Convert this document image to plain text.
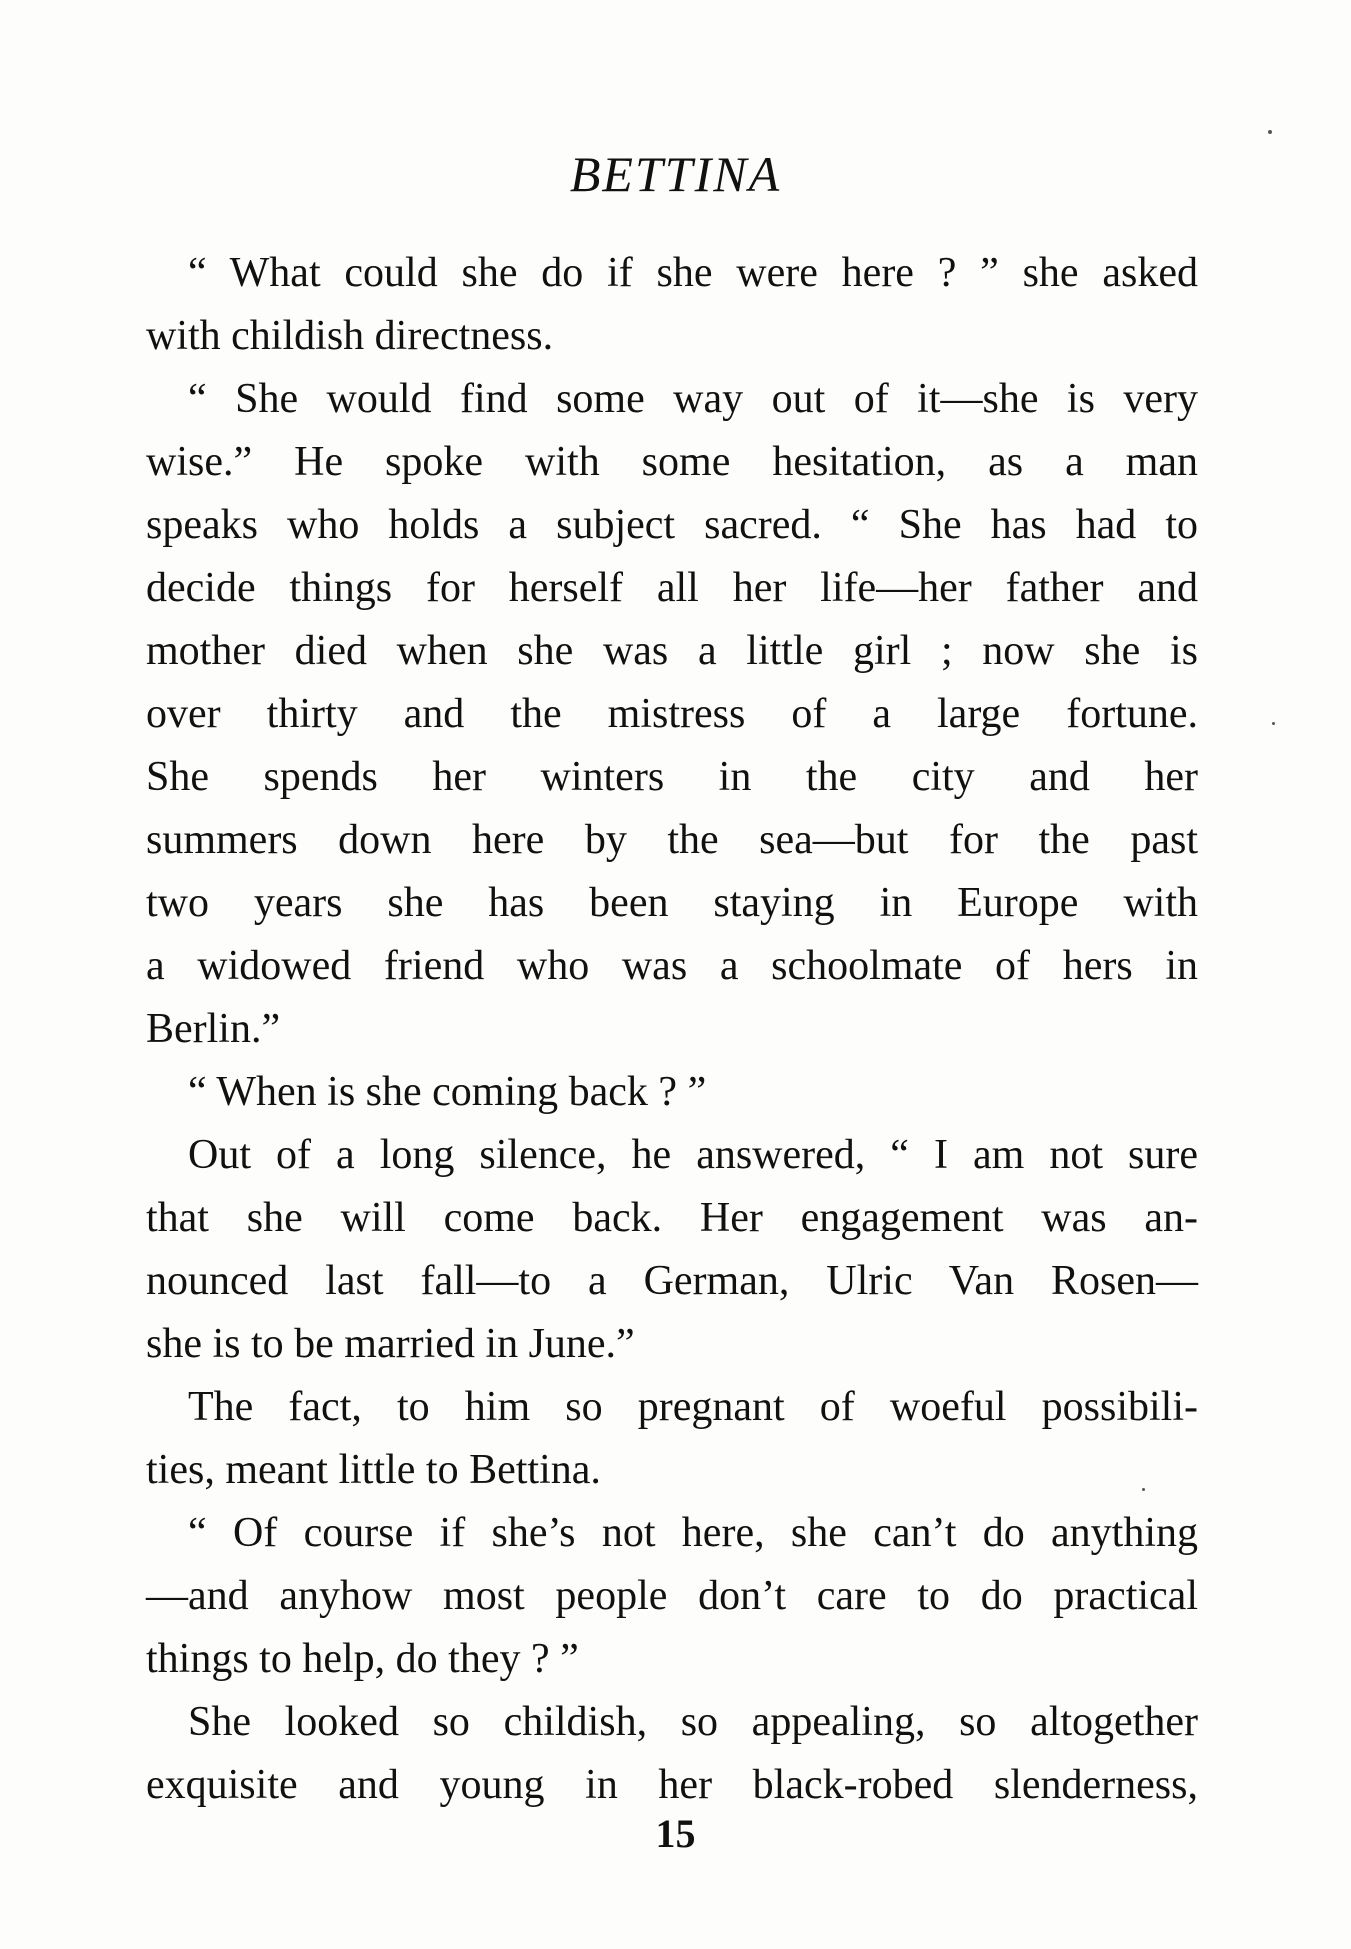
BETTINA
“ What could she do if she were here ? ” she asked
with childish directness.
“ She would find some way out of it—she is very
wise.” He spoke with some hesitation, as a man
speaks who holds a subject sacred. “ She has had to
decide things for herself all her life—her father and
mother died when she was a little girl ; now she is
over thirty and the mistress of a large fortune.
She spends her winters in the city and her
summers down here by the sea—but for the past
two years she has been staying in Europe with
a widowed friend who was a schoolmate of hers in
Berlin.”
“ When is she coming back ? ”
Out of a long silence, he answered, “ I am not sure
that she will come back. Her engagement was an-
nounced last fall—to a German, Ulric Van Rosen—
she is to be married in June.”
The fact, to him so pregnant of woeful possibili-
ties, meant little to Bettina.
“ Of course if she’s not here, she can’t do anything
—and anyhow most people don’t care to do practical
things to help, do they ? ”
She looked so childish, so appealing, so altogether
exquisite and young in her black-robed slenderness,
15
